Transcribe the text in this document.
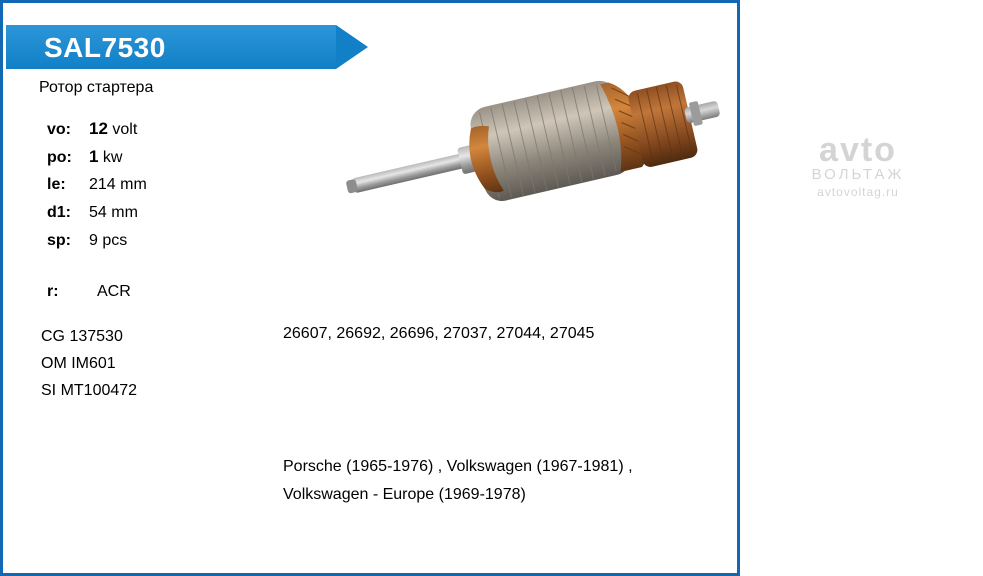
SAL7530
Ротор стартера
vo: 12 volt
po: 1 kw
le: 214 mm
d1: 54 mm
sp: 9 pcs
r: ACR
CG 137530
OM IM601
SI MT100472
avto
ВОЛЬТАЖ
avtovoltag.ru
26607, 26692, 26696, 27037, 27044, 27045
Porsche (1965-1976) , Volkswagen (1967-1981) , Volkswagen - Europe (1969-1978)
